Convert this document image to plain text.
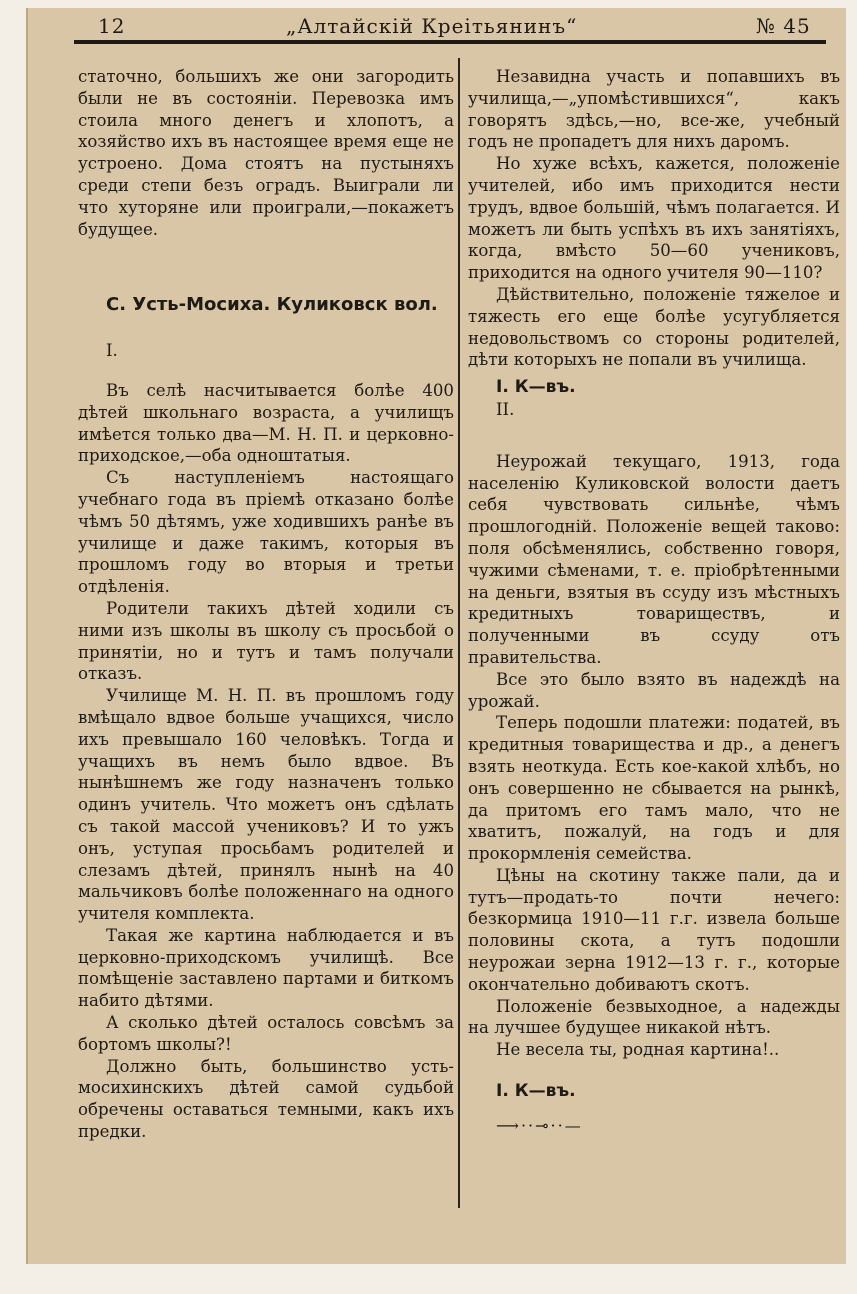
12	„Алтайскій Креітьянинъ“	№ 45

статочно, большихъ же они загородить были не въ состояніи. Перевозка имъ стоила много денегъ и хлопотъ, а хозяйство ихъ въ настоящее время еще не устроено. Дома стоятъ на пустыняхъ среди степи безъ оградъ. Выиграли ли что хуторяне или проиграли,—покажетъ будущее.

С. Усть-Мосиха. Куликовск вол.

I.

Въ селѣ насчитывается болѣе 400 дѣтей школьнаго возраста, а училищъ имѣется только два—М. Н. П. и церковно-приходское,—оба одноштатыя.

Съ наступленіемъ настоящаго учебнаго года въ пріемѣ отказано болѣе чѣмъ 50 дѣтямъ, уже ходившихъ ранѣе въ училище и даже такимъ, которыя въ прошломъ году во вторыя и третьи отдѣленія.

Родители такихъ дѣтей ходили съ ними изъ школы въ школу съ просьбой о принятіи, но и тутъ и тамъ получали отказъ.

Училище М. Н. П. въ прошломъ году вмѣщало вдвое больше учащихся, число ихъ превышало 160 человѣкъ. Тогда и учащихъ въ немъ было вдвое. Въ нынѣшнемъ же году назначенъ только одинъ учитель. Что можетъ онъ сдѣлать съ такой массой учениковъ? И то ужъ онъ, уступая просьбамъ родителей и слезамъ дѣтей, принялъ нынѣ на 40 мальчиковъ болѣе положеннаго на одного учителя комплекта.

Такая же картина наблюдается и въ церковно-приходскомъ училищѣ. Все помѣщеніе заставлено партами и биткомъ набито дѣтями.

А сколько дѣтей осталось совсѣмъ за бортомъ школы?!

Должно быть, большинство усть-мосихинскихъ дѣтей самой судьбой обречены оставаться темными, какъ ихъ предки.

Незавидна участь и попавшихъ въ училища,—„упомѣстившихся“, какъ говорятъ здѣсь,—но, все-же, учебный годъ не пропадетъ для нихъ даромъ.

Но хуже всѣхъ, кажется, положеніе учителей, ибо имъ приходится нести трудъ, вдвое большій, чѣмъ полагается. И можетъ ли быть успѣхъ въ ихъ занятіяхъ, когда, вмѣсто 50—60 учениковъ, приходится на одного учителя 90—110?

Дѣйствительно, положеніе тяжелое и тяжесть его еще болѣе усугубляется недовольствомъ со стороны родителей, дѣти которыхъ не попали въ училища.

I. К—въ.

II.

Неурожай текущаго, 1913, года населенію Куликовской волости даетъ себя чувствовать сильнѣе, чѣмъ прошлогодній. Положеніе вещей таково: поля обсѣменялись, собственно говоря, чужими сѣменами, т. е. пріобрѣтенными на деньги, взятыя въ ссуду изъ мѣстныхъ кредитныхъ товариществъ, и полученными въ ссуду отъ правительства.

Все это было взято въ надеждѣ на урожай.

Теперь подошли платежи: податей, въ кредитныя товарищества и др., а денегъ взять неоткуда. Есть кое-какой хлѣбъ, но онъ совершенно не сбывается на рынкѣ, да притомъ его тамъ мало, что не хватитъ, пожалуй, на годъ и для прокормленія семейства.

Цѣны на скотину также пали, да и тутъ—продать-то почти нечего: безкормица 1910—11 г.г. извела больше половины скота, а тутъ подошли неурожаи зерна 1912—13 г. г., которые окончательно добиваютъ скотъ.

Положеніе безвыходное, а надежды на лучшее будущее никакой нѣтъ.

Не весела ты, родная картина!..

I. К—въ.

⟶··⊸··—
